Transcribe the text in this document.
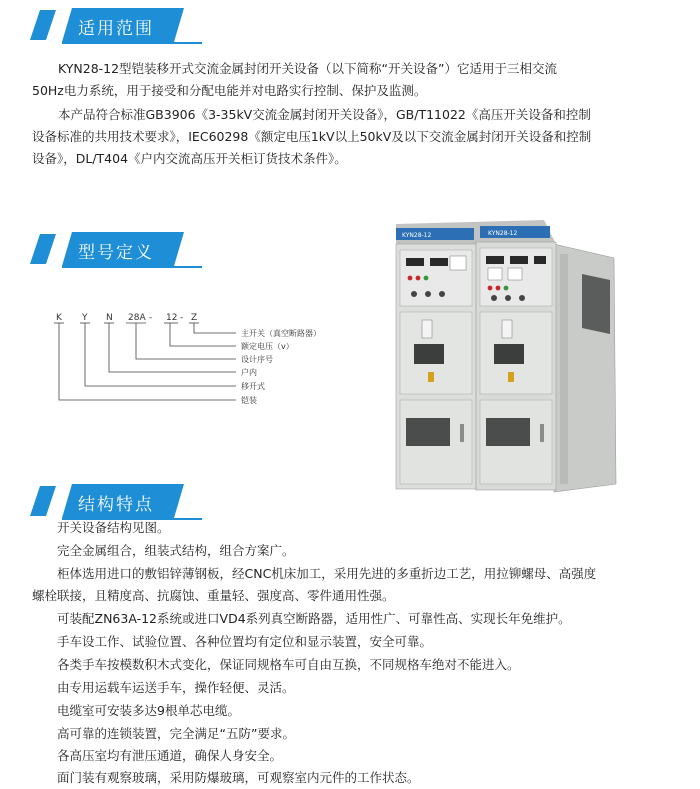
适用范围
KYN28-12型铠装移开式交流金属封闭开关设备（以下简称“开关设备”）它适用于三相交流
50Hz电力系统，用于接受和分配电能并对电路实行控制、保护及监测。
本产品符合标准GB3906《3-35kV交流金属封闭开关设备》，GB/T11022《高压开关设备和控制
设备标准的共用技术要求》，IEC60298《额定电压1kV以上50kV及以下交流金属封闭开关设备和控制
设备》，DL/T404《户内交流高压开关柜订货技术条件》。
型号定义
K Y N 28A - 12 - Z
主开关（真空断路器）
额定电压（v）
设计序号
户内
移开式
铠装
KYN28-12	KYN28-12
结构特点
开关设备结构见图。
完全金属组合，组装式结构，组合方案广。
柜体选用进口的敷铝锌薄钢板，经CNC机床加工，采用先进的多重折边工艺，用拉铆螺母、高强度
螺栓联接，且精度高、抗腐蚀、重量轻、强度高、零件通用性强。
可装配ZN63A-12系统或进口VD4系列真空断路器，适用性广、可靠性高、实现长年免维护。
手车设工作、试验位置、各种位置均有定位和显示装置，安全可靠。
各类手车按模数积木式变化，保证同规格车可自由互换，不同规格车绝对不能进入。
由专用运载车运送手车，操作轻便、灵活。
电缆室可安装多达9根单芯电缆。
高可靠的连锁装置，完全满足“五防”要求。
各高压室均有泄压通道，确保人身安全。
面门装有观察玻璃，采用防爆玻璃，可观察室内元件的工作状态。
